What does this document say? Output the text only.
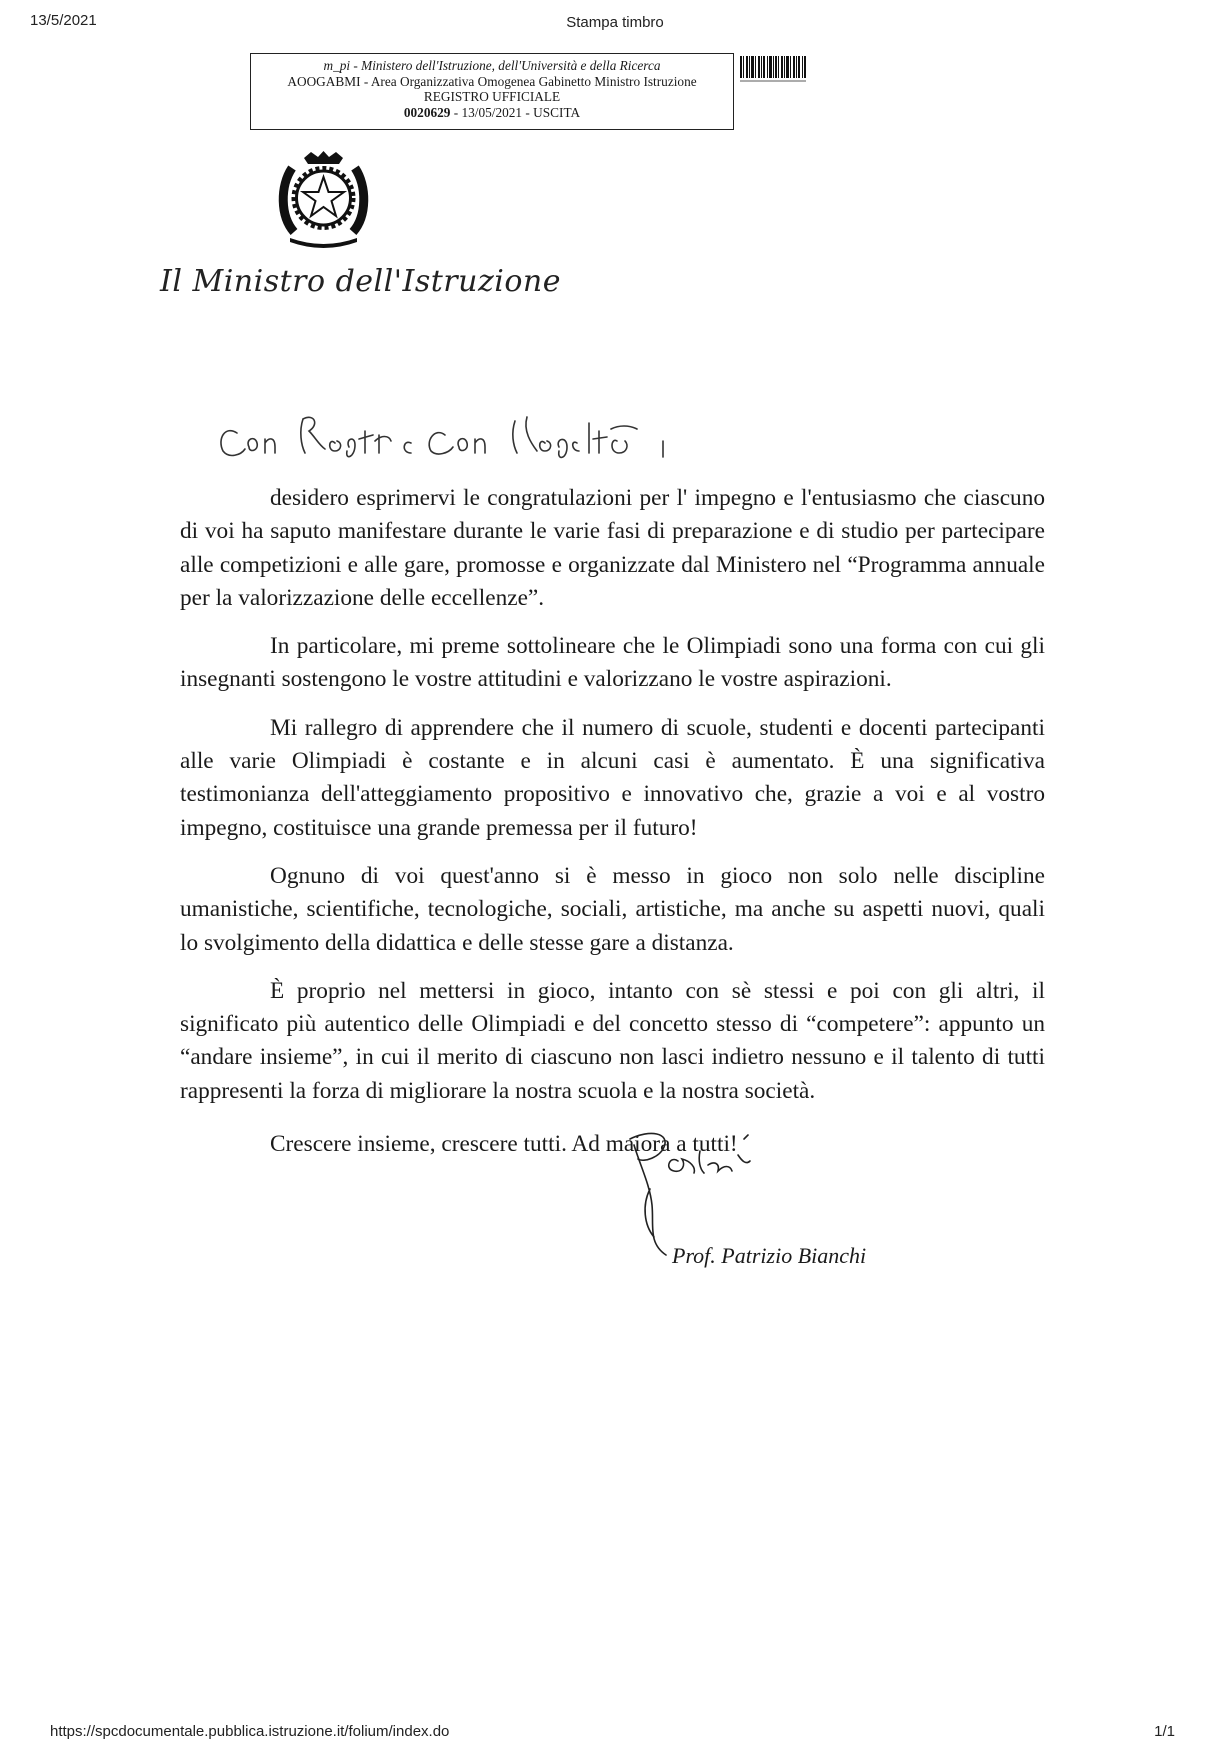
13/5/2021	Stampa timbro
m_pi - Ministero dell'Istruzione, dell'Università e della Ricerca
AOOGABMI - Area Organizzativa Omogenea Gabinetto Ministro Istruzione
REGISTRO UFFICIALE
0020629 - 13/05/2021 - USCITA
Il Ministro dell'Istruzione

desidero esprimervi le congratulazioni per l' impegno e l'entusiasmo che ciascuno di voi ha saputo manifestare durante le varie fasi di preparazione e di studio per partecipare alle competizioni e alle gare, promosse e organizzate dal Ministero nel “Programma annuale per la valorizzazione delle eccellenze”.

In particolare, mi preme sottolineare che le Olimpiadi sono una forma con cui gli insegnanti sostengono le vostre attitudini e valorizzano le vostre aspirazioni.

Mi rallegro di apprendere che il numero di scuole, studenti e docenti partecipanti alle varie Olimpiadi è costante e in alcuni casi è aumentato. È una significativa testimonianza dell'atteggiamento propositivo e innovativo che, grazie a voi e al vostro impegno, costituisce una grande premessa per il futuro!

Ognuno di voi quest'anno si è messo in gioco non solo nelle discipline umanistiche, scientifiche, tecnologiche, sociali, artistiche, ma anche su aspetti nuovi, quali lo svolgimento della didattica e delle stesse gare a distanza.

È proprio nel mettersi in gioco, intanto con sè stessi e poi con gli altri, il significato più autentico delle Olimpiadi e del concetto stesso di “competere”: appunto un “andare insieme”, in cui il merito di ciascuno non lasci indietro nessuno e il talento di tutti rappresenti la forza di migliorare la nostra scuola e la nostra società.

Crescere insieme, crescere tutti. Ad maiora a tutti!

Prof. Patrizio Bianchi
https://spcdocumentale.pubblica.istruzione.it/folium/index.do	1/1
